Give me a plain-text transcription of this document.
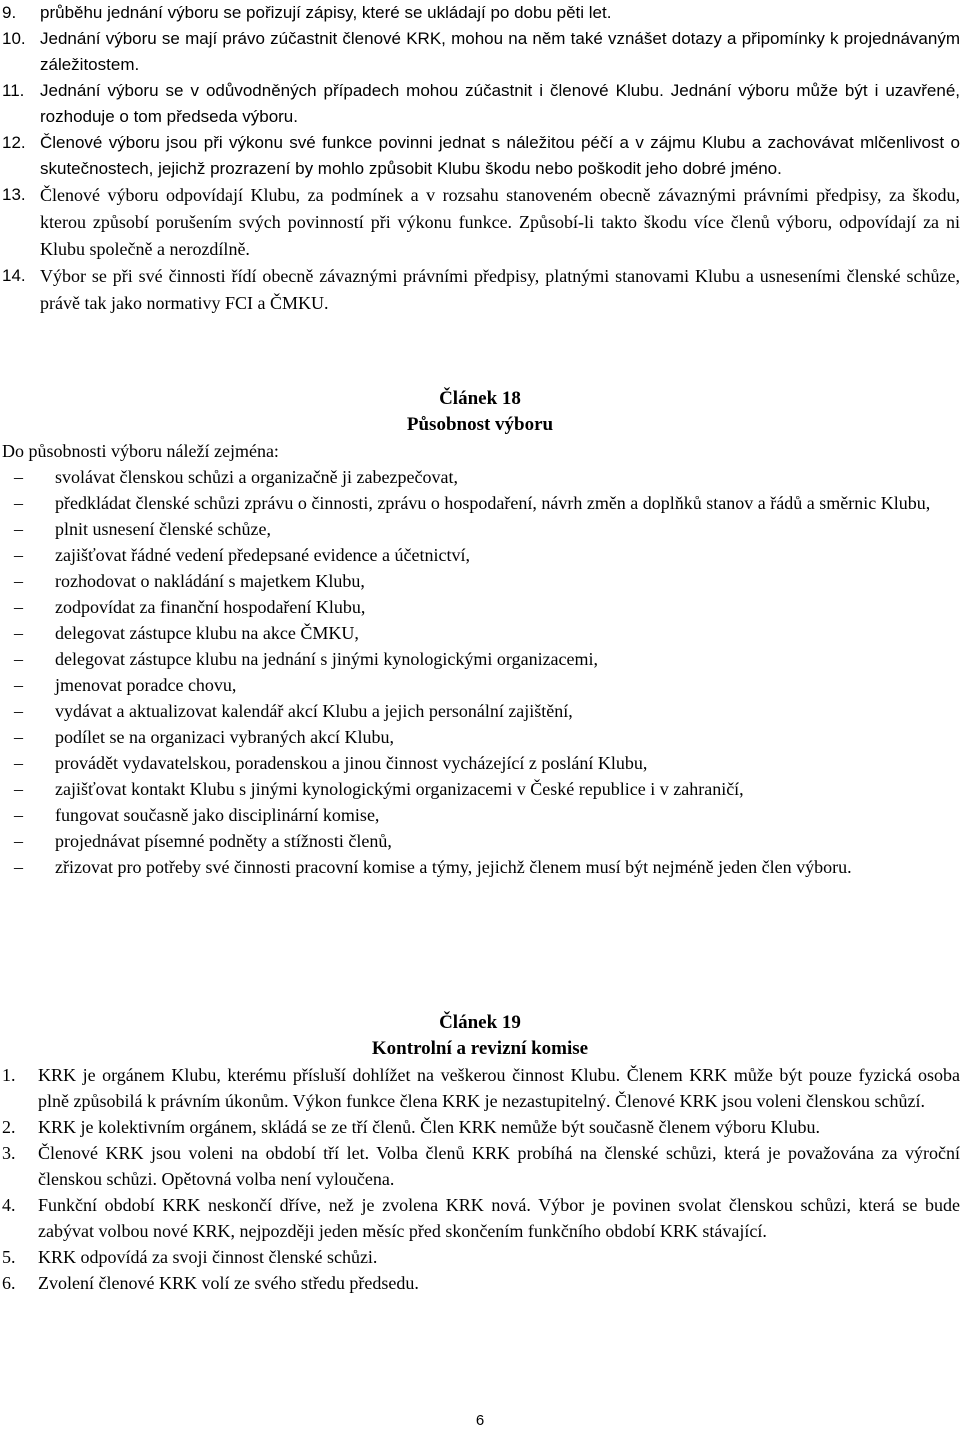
9. průběhu jednání výboru se pořizují zápisy, které se ukládají po dobu pěti let.
10. Jednání výboru se mají právo zúčastnit členové KRK, mohou na něm také vznášet dotazy a připomínky k projednávaným záležitostem.
11. Jednání výboru se v odůvodněných případech mohou zúčastnit i členové Klubu. Jednání výboru může být i uzavřené, rozhoduje o tom předseda výboru.
12. Členové výboru jsou při výkonu své funkce povinni jednat s náležitou péčí a v zájmu Klubu a zachovávat mlčenlivost o skutečnostech, jejichž prozrazení by mohlo způsobit Klubu škodu nebo poškodit jeho dobré jméno.
13. Členové výboru odpovídají Klubu, za podmínek a v rozsahu stanoveném obecně závaznými právními předpisy, za škodu, kterou způsobí porušením svých povinností při výkonu funkce. Způsobí-li takto škodu více členů výboru, odpovídají za ni Klubu společně a nerozdílně.
14. Výbor se při své činnosti řídí obecně závaznými právními předpisy, platnými stanovami Klubu a usneseními členské schůze, právě tak jako normativy FCI a ČMKU.
Článek 18
Působnost výboru
Do působnosti výboru náleží zejména:
– svolávat členskou schůzi a organizačně ji zabezpečovat,
– předkládat členské schůzi zprávu o činnosti, zprávu o hospodaření, návrh změn a doplňků stanov a řádů a směrnic Klubu,
– plnit usnesení členské schůze,
– zajišťovat řádné vedení předepsané evidence a účetnictví,
– rozhodovat o nakládání s majetkem Klubu,
– zodpovídat za finanční hospodaření Klubu,
– delegovat zástupce klubu na akce ČMKU,
– delegovat zástupce klubu na jednání s jinými kynologickými organizacemi,
– jmenovat poradce chovu,
– vydávat a aktualizovat kalendář akcí Klubu a jejich personální zajištění,
– podílet se na organizaci vybraných akcí Klubu,
– provádět vydavatelskou, poradenskou a jinou činnost vycházející z poslání Klubu,
– zajišťovat kontakt Klubu s jinými kynologickými organizacemi v České republice i v zahraničí,
– fungovat současně jako disciplinární komise,
– projednávat písemné podněty a stížnosti členů,
– zřizovat pro potřeby své činnosti pracovní komise a týmy, jejichž členem musí být nejméně jeden člen výboru.
Článek 19
Kontrolní a revizní komise
1. KRK je orgánem Klubu, kterému přísluší dohlížet na veškerou činnost Klubu. Členem KRK může být pouze fyzická osoba plně způsobilá k právním úkonům. Výkon funkce člena KRK je nezastupitelný. Členové KRK jsou voleni členskou schůzí.
2. KRK je kolektivním orgánem, skládá se ze tří členů. Člen KRK nemůže být současně členem výboru Klubu.
3. Členové KRK jsou voleni na období tří let. Volba členů KRK probíhá na členské schůzi, která je považována za výroční členskou schůzi. Opětovná volba není vyloučena.
4. Funkční období KRK neskončí dříve, než je zvolena KRK nová. Výbor je povinen svolat členskou schůzi, která se bude zabývat volbou nové KRK, nejpozději jeden měsíc před skončením funkčního období KRK stávající.
5. KRK odpovídá za svoji činnost členské schůzi.
6. Zvolení členové KRK volí ze svého středu předsedu.
6
